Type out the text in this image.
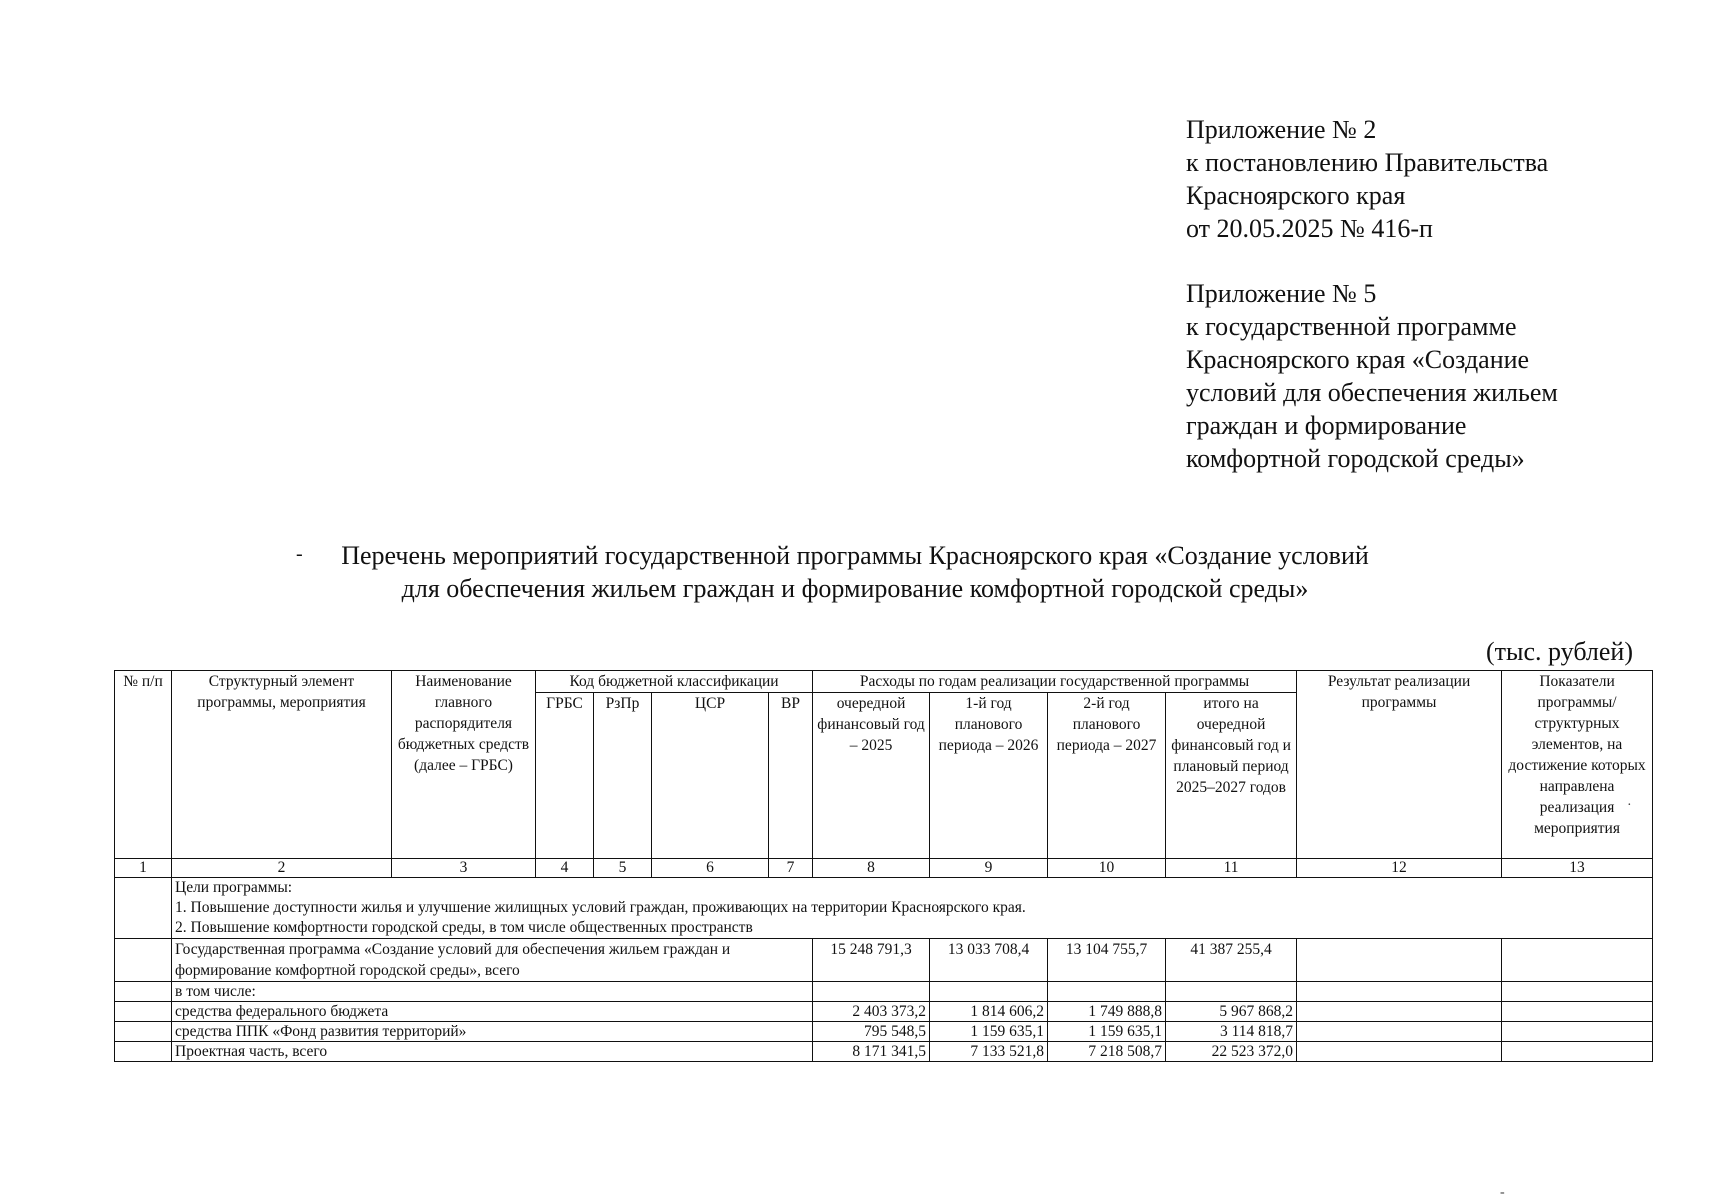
Приложение № 2
к постановлению Правительства
Красноярского края
от 20.05.2025 № 416-п
Приложение № 5
к государственной программе
Красноярского края «Создание
условий для обеспечения жильем
граждан и формирование
комфортной городской среды»
-	Перечень мероприятий государственной программы Красноярского края «Создание условий
для обеспечения жильем граждан и формирование комфортной городской среды»
(тыс. рублей)
№ п/п	Структурный элемент программы, мероприятия	Наименование главного распорядителя бюджетных средств (далее – ГРБС)	Код бюджетной классификации				Расходы по годам реализации государственной программы				Результат реализации программы	Показатели программы/ структурных элементов, на достижение которых направлена реализация мероприятия
			ГРБС	РзПр	ЦСР	ВР	очередной финансовый год – 2025	1-й год планового периода – 2026	2-й год планового периода – 2027	итого на очередной финансовый год и плановый период 2025–2027 годов		
1	2	3	4	5	6	7	8	9	10	11	12	13

	Цели программы:
1. Повышение доступности жилья и улучшение жилищных условий граждан, проживающих на территории Красноярского края.
2. Повышение комфортности городской среды, в том числе общественных пространств											

	Государственная программа «Создание условий для обеспечения жильем граждан и формирование комфортной городской среды», всего						15 248 791,3	13 033 708,4	13 104 755,7	41 387 255,4		
	в том числе:											
	средства федерального бюджета						2 403 373,2	1 814 606,2	1 749 888,8	5 967 868,2		
	средства ППК «Фонд развития территорий»						795 548,5	1 159 635,1	1 159 635,1	3 114 818,7		
	Проектная часть, всего						8 171 341,5	7 133 521,8	7 218 508,7	22 523 372,0		
·
-
